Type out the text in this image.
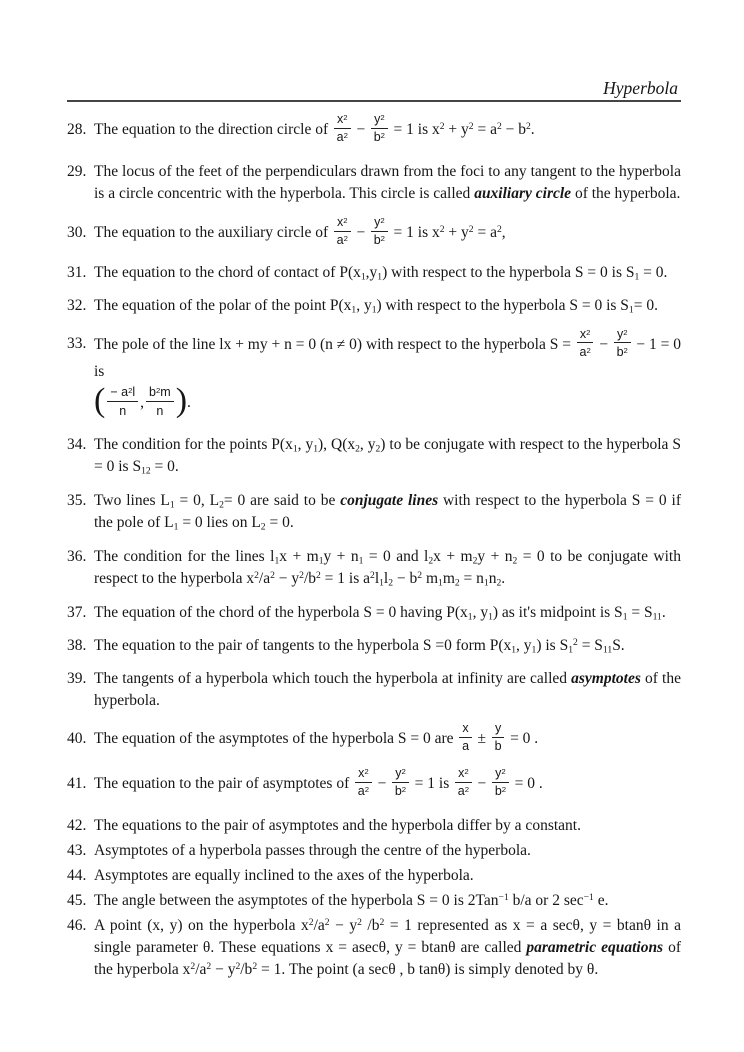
Hyperbola
28. The equation to the direction circle of $\frac{x^2}{a^2} - \frac{y^2}{b^2} = 1$ is $x^2 + y^2 = a^2 - b^2$.
29. The locus of the feet of the perpendiculars drawn from the foci to any tangent to the hyperbola is a circle concentric with the hyperbola. This circle is called auxiliary circle of the hyperbola.
30. The equation to the auxiliary circle of $\frac{x^2}{a^2} - \frac{y^2}{b^2} = 1$ is $x^2 + y^2 = a^2$,
31. The equation to the chord of contact of $P(x_1,y_1)$ with respect to the hyperbola S = 0 is $S_1 = 0$.
32. The equation of the polar of the point $P(x_1$, $y_1$) with respect to the hyperbola S = 0 is $S_1= 0$.
33. The pole of the line lx + my + n = 0 (n ≠ 0) with respect to the hyperbola $S = \frac{x^2}{a^2} - \frac{y^2}{b^2} - 1 = 0$ is
( $\frac{- a^2l}{n}$ , $\frac{b^2m}{n}$ ).
34. The condition for the points $P(x_1$, $y_1$), $Q(x_2$, $y_2$) to be conjugate with respect to the hyperbola S = 0 is $S_{12} = 0$.
35. Two lines $L_1 = 0$, $L_2= 0$ are said to be conjugate lines with respect to the hyperbola S = 0 if the pole of $L_1 = 0$ lies on $L_2 = 0$.
36. The condition for the lines $l_1x + m_1y + n_1 = 0$ and $l_2x + m_2y + n_2 = 0$ to be conjugate with respect to the hyperbola $x^2/a^2 - y^2/b^2 = 1$ is $a^2l_1l_2 - b^2$ $m_1m_2 = n_1n_2$.
37. The equation of the chord of the hyperbola S = 0 having $P(x_1$, $y_1$) as it's midpoint is $S_1 = S_{11}$.
38. The equation to the pair of tangents to the hyperbola S =0 form $P(x_1$, $y_1$) is $S_1^2 = S_{11}S$.
39. The tangents of a hyperbola which touch the hyperbola at infinity are called asymptotes of the hyperbola.
40. The equation of the asymptotes of the hyperbola S = 0 are $\frac{x}{a} \pm \frac{y}{b} = 0$ .
41. The equation to the pair of asymptotes of $\frac{x^2}{a^2} - \frac{y^2}{b^2} = 1$ is $\frac{x^2}{a^2} - \frac{y^2}{b^2} = 0$ .
42. The equations to the pair of asymptotes and the hyperbola differ by a constant.
43. Asymptotes of a hyperbola passes through the centre of the hyperbola.
44. Asymptotes are equally inclined to the axes of the hyperbola.
45. The angle between the asymptotes of the hyperbola S = 0 is 2Tan$^{-1}$ b/a or 2 $\sec^{-1} e$.
46. A point (x, y) on the hyperbola $x^2/a^2 - y^2$ $/b^2 = 1$ represented as x = a secθ, y = btanθ in a single parameter θ. These equations x = asecθ, y = btanθ are called parametric equations of the hyperbola $x^2/a^2 - y^2/b^2 = 1$. The point (a secθ , b tanθ) is simply denoted by θ.
